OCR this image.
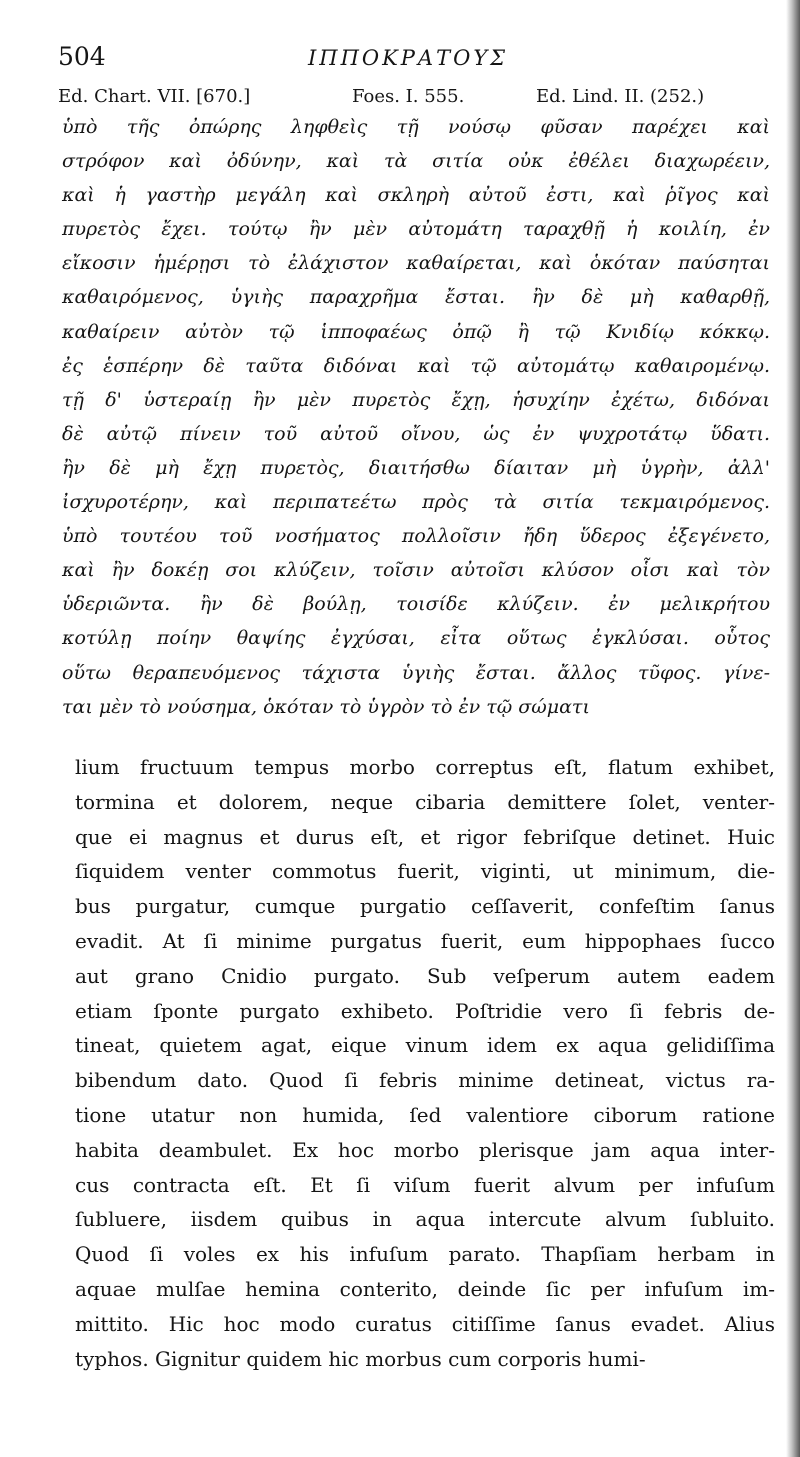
504	ΙΠΠΟΚΡΑΤΟΥΣ
Ed. Chart. VII. [670.]	Foes. I. 555.	Ed. Lind. II. (252.)
ὑπὸ τῆς ὀπώρης ληφθεὶς τῇ νούσῳ φῦσαν παρέχει καὶ
στρόφον καὶ ὀδύνην, καὶ τὰ σιτία οὐκ ἐθέλει διαχωρέειν,
καὶ ἡ γαστὴρ μεγάλη καὶ σκληρὴ αὐτοῦ ἐστι, καὶ ῥῖγος καὶ
πυρετὸς ἔχει. τούτῳ ἢν μὲν αὐτομάτη ταραχθῇ ἡ κοιλίη, ἐν
εἴκοσιν ἡμέρῃσι τὸ ἐλάχιστον καθαίρεται, καὶ ὁκόταν παύσηται
καθαιρόμενος, ὑγιὴς παραχρῆμα ἔσται. ἢν δὲ μὴ καθαρθῇ,
καθαίρειν αὐτὸν τῷ ἱπποφαέως ὀπῷ ἢ τῷ Κνιδίῳ κόκκῳ.
ἐς ἑσπέρην δὲ ταῦτα διδόναι καὶ τῷ αὐτομάτῳ καθαιρομένῳ.
τῇ δ' ὑστεραίῃ ἢν μὲν πυρετὸς ἔχῃ, ἡσυχίην ἐχέτω, διδόναι
δὲ αὐτῷ πίνειν τοῦ αὐτοῦ οἴνου, ὡς ἐν ψυχροτάτῳ ὕδατι.
ἢν δὲ μὴ ἔχῃ πυρετὸς, διαιτήσθω δίαιταν μὴ ὑγρὴν, ἀλλ'
ἰσχυροτέρην, καὶ περιπατεέτω πρὸς τὰ σιτία τεκμαιρόμενος.
ὑπὸ τουτέου τοῦ νοσήματος πολλοῖσιν ἤδη ὕδερος ἐξεγένετο,
καὶ ἢν δοκέῃ σοι κλύζειν, τοῖσιν αὐτοῖσι κλύσον οἷσι καὶ τὸν
ὑδεριῶντα. ἢν δὲ βούλῃ, τοισίδε κλύζειν. ἐν μελικρήτου
κοτύλῃ ποίην θαψίης ἐγχύσαι, εἶτα οὕτως ἐγκλύσαι. οὗτος
οὕτω θεραπευόμενος τάχιστα ὑγιὴς ἔσται. ἄλλος τῦφος. γίνε-
ται μὲν τὸ νούσημα, ὁκόταν τὸ ὑγρὸν τὸ ἐν τῷ σώματι
lium fructuum tempus morbo correptus eſt, flatum exhibet,
tormina et dolorem, neque cibaria demittere ſolet, venter-
que ei magnus et durus eſt, et rigor febriſque detinet. Huic
ſiquidem venter commotus fuerit, viginti, ut minimum, die-
bus purgatur, cumque purgatio ceſſaverit, confeſtim ſanus
evadit. At ſi minime purgatus fuerit, eum hippophaes ſucco
aut grano Cnidio purgato. Sub veſperum autem eadem
etiam ſponte purgato exhibeto. Poſtridie vero ſi febris de-
tineat, quietem agat, eique vinum idem ex aqua gelidiſſima
bibendum dato. Quod ſi febris minime detineat, victus ra-
tione utatur non humida, ſed valentiore ciborum ratione
habita deambulet. Ex hoc morbo plerisque jam aqua inter-
cus contracta eſt. Et ſi viſum fuerit alvum per infuſum
ſubluere, iisdem quibus in aqua intercute alvum ſubluito.
Quod ſi voles ex his infuſum parato. Thapſiam herbam in
aquae mulſae hemina conterito, deinde ſic per infuſum im-
mittito. Hic hoc modo curatus citiſſime ſanus evadet. Alius
typhos. Gignitur quidem hic morbus cum corporis humi-
